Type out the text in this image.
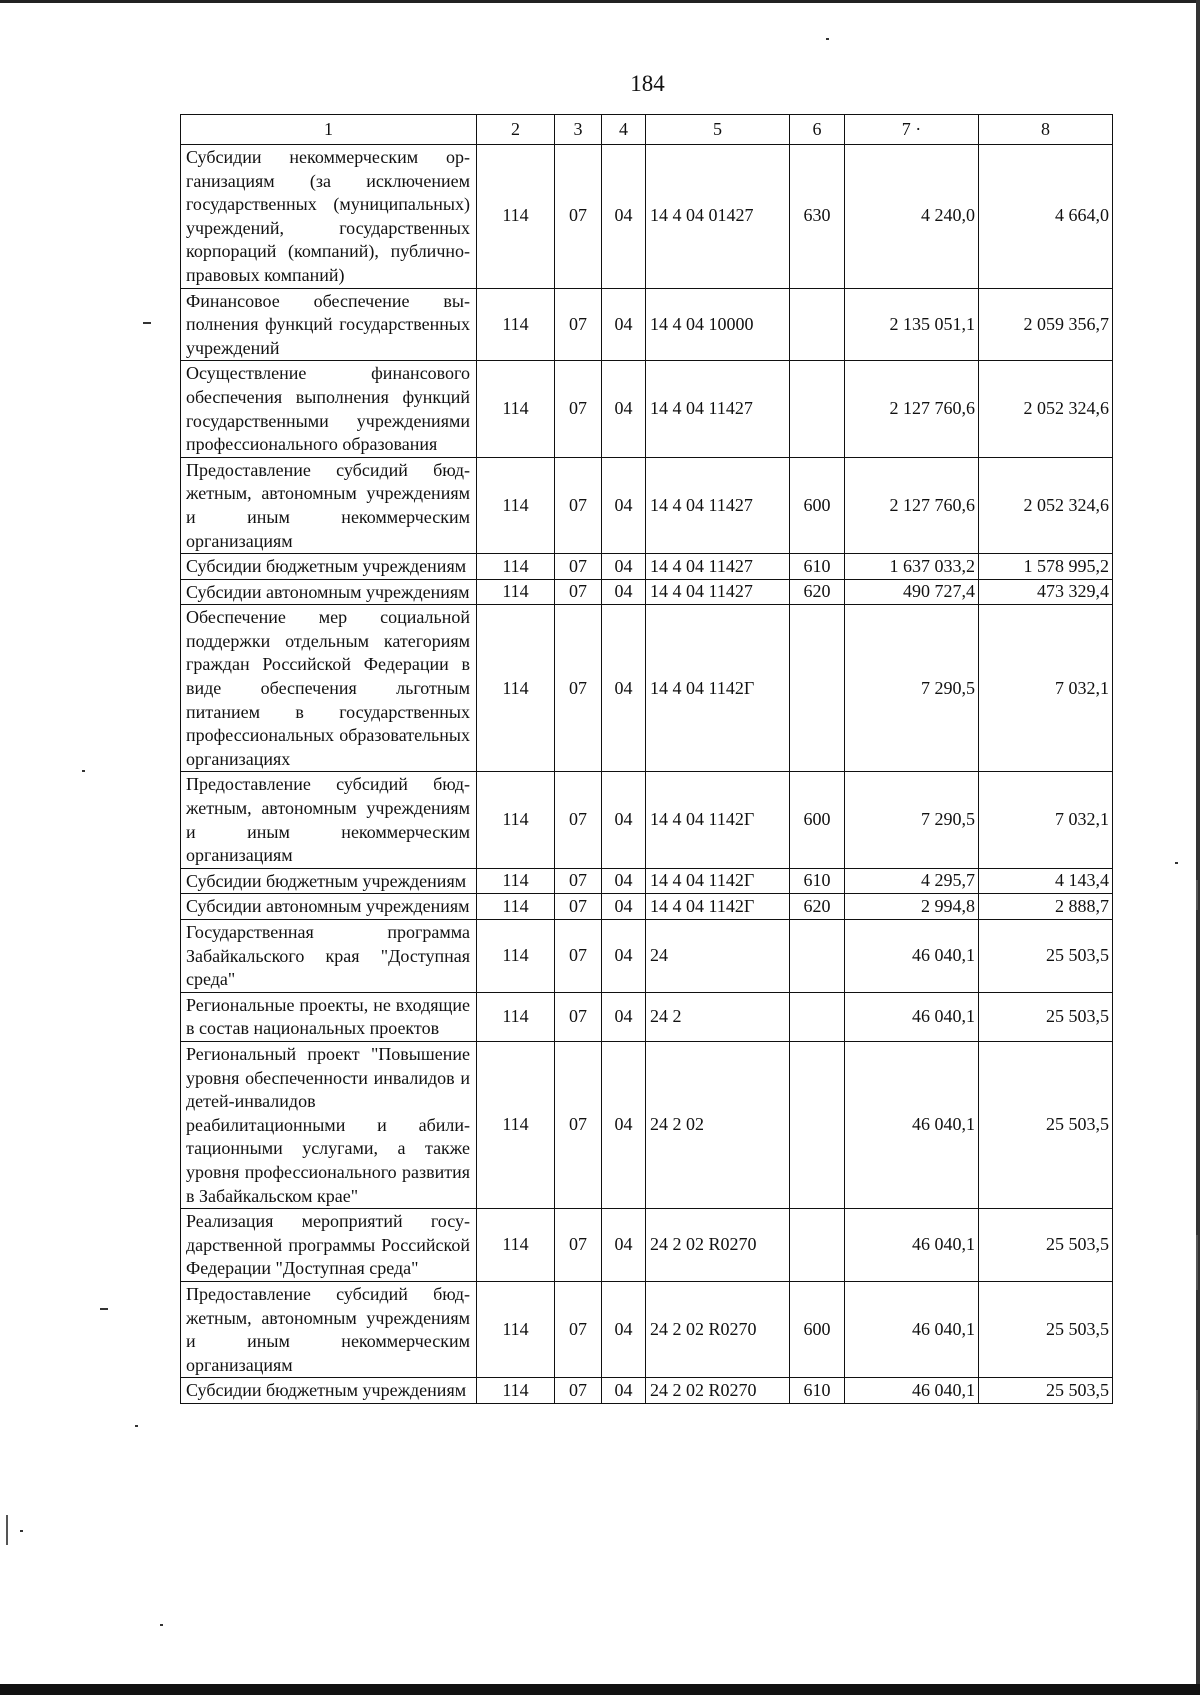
184
1	2	3	4	5	6	7 ·	8
Субсидии некоммерческим организациям (за исключением государственных (муниципальных) учреждений, государственных корпораций (компаний), публично-правовых компаний)	114	07	04	14 4 04 01427	630	4 240,0	4 664,0
Финансовое обеспечение выполнения функций государственных учреждений	114	07	04	14 4 04 10000		2 135 051,1	2 059 356,7
Осуществление финансового обеспечения выполнения функций государственными учреждениями профессионального образования	114	07	04	14 4 04 11427		2 127 760,6	2 052 324,6
Предоставление субсидий бюджетным, автономным учреждениям и иным некоммерческим организациям	114	07	04	14 4 04 11427	600	2 127 760,6	2 052 324,6
Субсидии бюджетным учреждениям	114	07	04	14 4 04 11427	610	1 637 033,2	1 578 995,2
Субсидии автономным учреждениям	114	07	04	14 4 04 11427	620	490 727,4	473 329,4
Обеспечение мер социальной поддержки отдельным категориям граждан Российской Федерации в виде обеспечения льготным питанием в государственных профессиональных образовательных организациях	114	07	04	14 4 04 1142Г		7 290,5	7 032,1
Предоставление субсидий бюджетным, автономным учреждениям и иным некоммерческим организациям	114	07	04	14 4 04 1142Г	600	7 290,5	7 032,1
Субсидии бюджетным учреждениям	114	07	04	14 4 04 1142Г	610	4 295,7	4 143,4
Субсидии автономным учреждениям	114	07	04	14 4 04 1142Г	620	2 994,8	2 888,7
Государственная программа Забайкальского края "Доступная среда"	114	07	04	24		46 040,1	25 503,5
Региональные проекты, не входящие в состав национальных проектов	114	07	04	24 2		46 040,1	25 503,5
Региональный проект "Повышение уровня обеспеченности инвалидов и детей-инвалидов реабилитационными и абилитационными услугами, а также уровня профессионального развития в Забайкальском крае"	114	07	04	24 2 02		46 040,1	25 503,5
Реализация мероприятий государственной программы Российской Федерации "Доступная среда"	114	07	04	24 2 02 R0270		46 040,1	25 503,5
Предоставление субсидий бюджетным, автономным учреждениям и иным некоммерческим организациям	114	07	04	24 2 02 R0270	600	46 040,1	25 503,5
Субсидии бюджетным учреждениям	114	07	04	24 2 02 R0270	610	46 040,1	25 503,5
